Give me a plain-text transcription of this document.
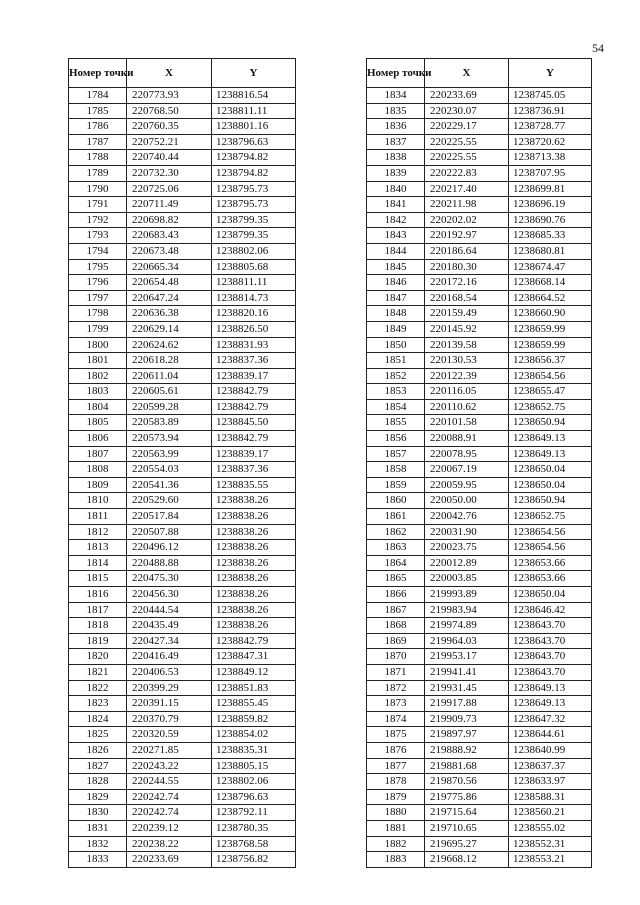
54
Номер точки	X	Y
1784	220773.93	1238816.54
1785	220768.50	1238811.11
1786	220760.35	1238801.16
1787	220752.21	1238796.63
1788	220740.44	1238794.82
1789	220732.30	1238794.82
1790	220725.06	1238795.73
1791	220711.49	1238795.73
1792	220698.82	1238799.35
1793	220683.43	1238799.35
1794	220673.48	1238802.06
1795	220665.34	1238805.68
1796	220654.48	1238811.11
1797	220647.24	1238814.73
1798	220636.38	1238820.16
1799	220629.14	1238826.50
1800	220624.62	1238831.93
1801	220618.28	1238837.36
1802	220611.04	1238839.17
1803	220605.61	1238842.79
1804	220599.28	1238842.79
1805	220583.89	1238845.50
1806	220573.94	1238842.79
1807	220563.99	1238839.17
1808	220554.03	1238837.36
1809	220541.36	1238835.55
1810	220529.60	1238838.26
1811	220517.84	1238838.26
1812	220507.88	1238838.26
1813	220496.12	1238838.26
1814	220488.88	1238838.26
1815	220475.30	1238838.26
1816	220456.30	1238838.26
1817	220444.54	1238838.26
1818	220435.49	1238838.26
1819	220427.34	1238842.79
1820	220416.49	1238847.31
1821	220406.53	1238849.12
1822	220399.29	1238851.83
1823	220391.15	1238855.45
1824	220370.79	1238859.82
1825	220320.59	1238854.02
1826	220271.85	1238835.31
1827	220243.22	1238805.15
1828	220244.55	1238802.06
1829	220242.74	1238796.63
1830	220242.74	1238792.11
1831	220239.12	1238780.35
1832	220238.22	1238768.58
1833	220233.69	1238756.82
Номер точки	X	Y
1834	220233.69	1238745.05
1835	220230.07	1238736.91
1836	220229.17	1238728.77
1837	220225.55	1238720.62
1838	220225.55	1238713.38
1839	220222.83	1238707.95
1840	220217.40	1238699.81
1841	220211.98	1238696.19
1842	220202.02	1238690.76
1843	220192.97	1238685.33
1844	220186.64	1238680.81
1845	220180.30	1238674.47
1846	220172.16	1238668.14
1847	220168.54	1238664.52
1848	220159.49	1238660.90
1849	220145.92	1238659.99
1850	220139.58	1238659.99
1851	220130.53	1238656.37
1852	220122.39	1238654.56
1853	220116.05	1238655.47
1854	220110.62	1238652.75
1855	220101.58	1238650.94
1856	220088.91	1238649.13
1857	220078.95	1238649.13
1858	220067.19	1238650.04
1859	220059.95	1238650.04
1860	220050.00	1238650.94
1861	220042.76	1238652.75
1862	220031.90	1238654.56
1863	220023.75	1238654.56
1864	220012.89	1238653.66
1865	220003.85	1238653.66
1866	219993.89	1238650.04
1867	219983.94	1238646.42
1868	219974.89	1238643.70
1869	219964.03	1238643.70
1870	219953.17	1238643.70
1871	219941.41	1238643.70
1872	219931.45	1238649.13
1873	219917.88	1238649.13
1874	219909.73	1238647.32
1875	219897.97	1238644.61
1876	219888.92	1238640.99
1877	219881.68	1238637.37
1878	219870.56	1238633.97
1879	219775.86	1238588.31
1880	219715.64	1238560.21
1881	219710.65	1238555.02
1882	219695.27	1238552.31
1883	219668.12	1238553.21
